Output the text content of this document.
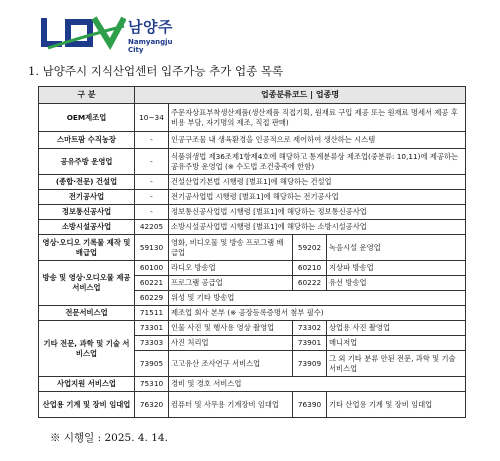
남양주
Namyangju City
1. 남양주시 지식산업센터 입주가능 추가 업종 목록
구 분	업종분류코드 | 업종명			
OEM제조업	10~34	주문자상표부착생산제품(생산제품 직접기획, 원재료 구입 제공 또는 원재료 명세서 제공 후 비용 부담, 자기명의 제조, 직접 판매)		
스마트팜 수직농장	-	인공구조물 내 생육환경을 인공적으로 제어하여 생산하는 시스템		
공유주방 운영업	-	식품위생법 제36조제1항제4호에 해당하고 통계분류상 제조업(중분류: 10,11)에 제공하는 공유주방 운영업 (※ 수도법 조건충족에 한함)		
(종합·전문) 건설업	-	건설산업기본법 시행령 [별표1]에 해당하는 건설업		
전기공사업	-	전기공사업법 시행령 [별표1]에 해당하는 전기공사업		
정보통신공사업	-	정보통신공사업법 시행령 [별표1]에 해당하는 정보통신공사업		
소방시설공사업	42205	소방시설공사업법 시행령 [별표1]에 해당하는 소방시설공사업		
영상·오디오 기록물 제작 및 배급업	59130	영화, 비디오물 및 방송 프로그램 배급업	59202	녹음시설 운영업
방송 및 영상·오디오물 제공 서비스업	60100	라디오 방송업	60210	지상파 방송업
	60221	프로그램 공급업	60222	유선 방송업
	60229	위성 및 기타 방송업		
전문서비스업	71511	제조업 회사 본부 (※ 공장등록증명서 첨부 필수)		
기타 전문, 과학 및 기술 서비스업	73301	인물 사진 및 행사용 영상 촬영업	73302	상업용 사진 촬영업
	73303	사진 처리업	73901	매니저업
	73905	고고유산 조사연구 서비스업	73909	그 외 기타 분류 안된 전문, 과학 및 기술 서비스업
사업지원 서비스업	75310	경비 및 경호 서비스업		
산업용 기계 및 장비 임대업	76320	컴퓨터 및 사무용 기계장비 임대업	76390	기타 산업용 기계 및 장비 임대업
※ 시행일 : 2025. 4. 14.
